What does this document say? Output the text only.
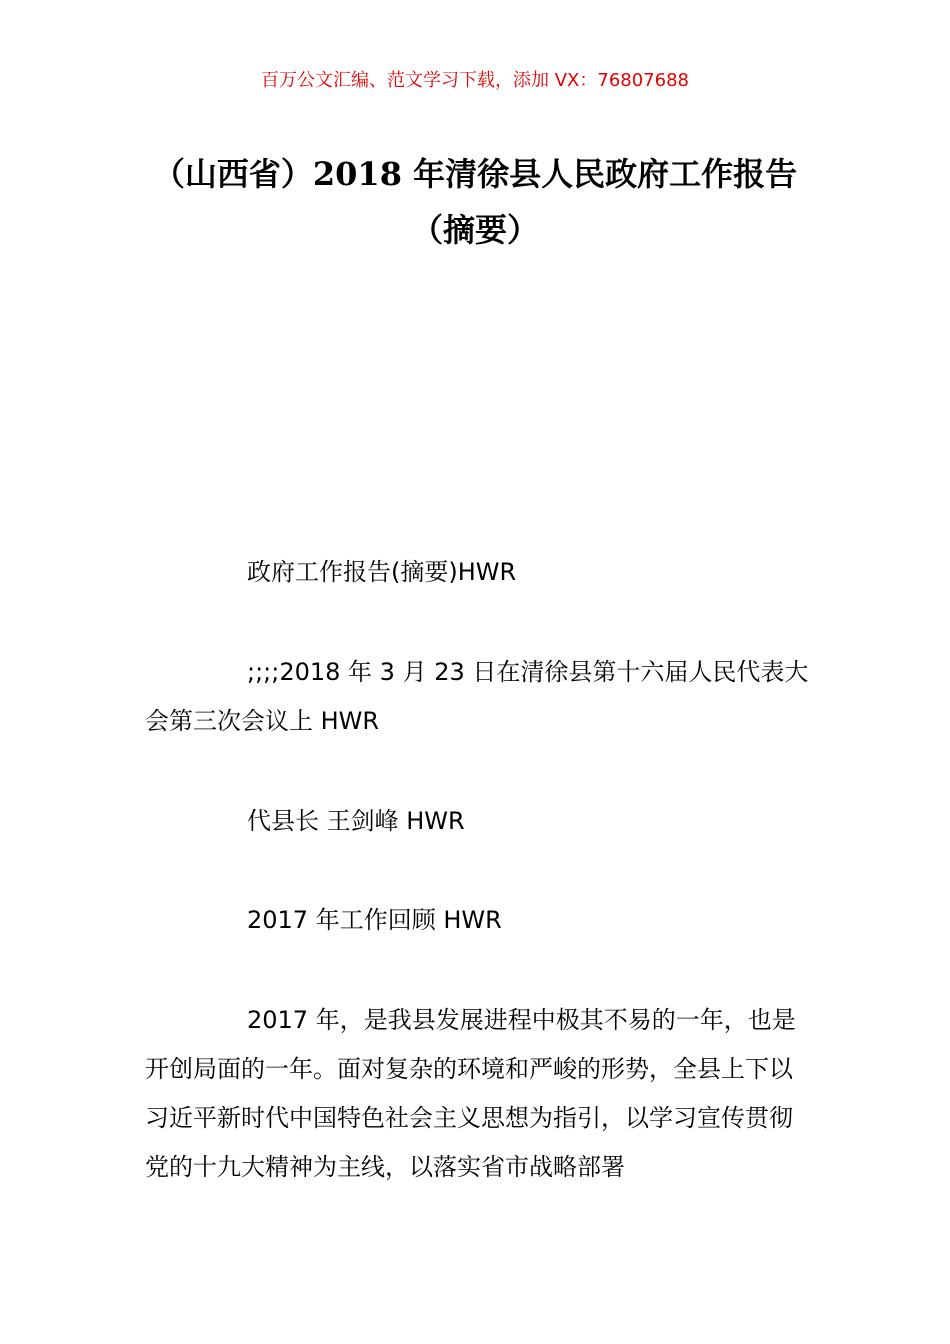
百万公文汇编、范文学习下载，添加 VX：76807688
（山西省）2018 年清徐县人民政府工作报告（摘要）

政府工作报告(摘要)HWR

;;;;2018 年 3 月 23 日在清徐县第十六届人民代表大会第三次会议上 HWR

代县长 王剑峰 HWR

2017 年工作回顾 HWR

2017 年，是我县发展进程中极其不易的一年，也是开创局面的一年。面对复杂的环境和严峻的形势，全县上下以习近平新时代中国特色社会主义思想为指引，以学习宣传贯彻党的十九大精神为主线，以落实省市战略部署
